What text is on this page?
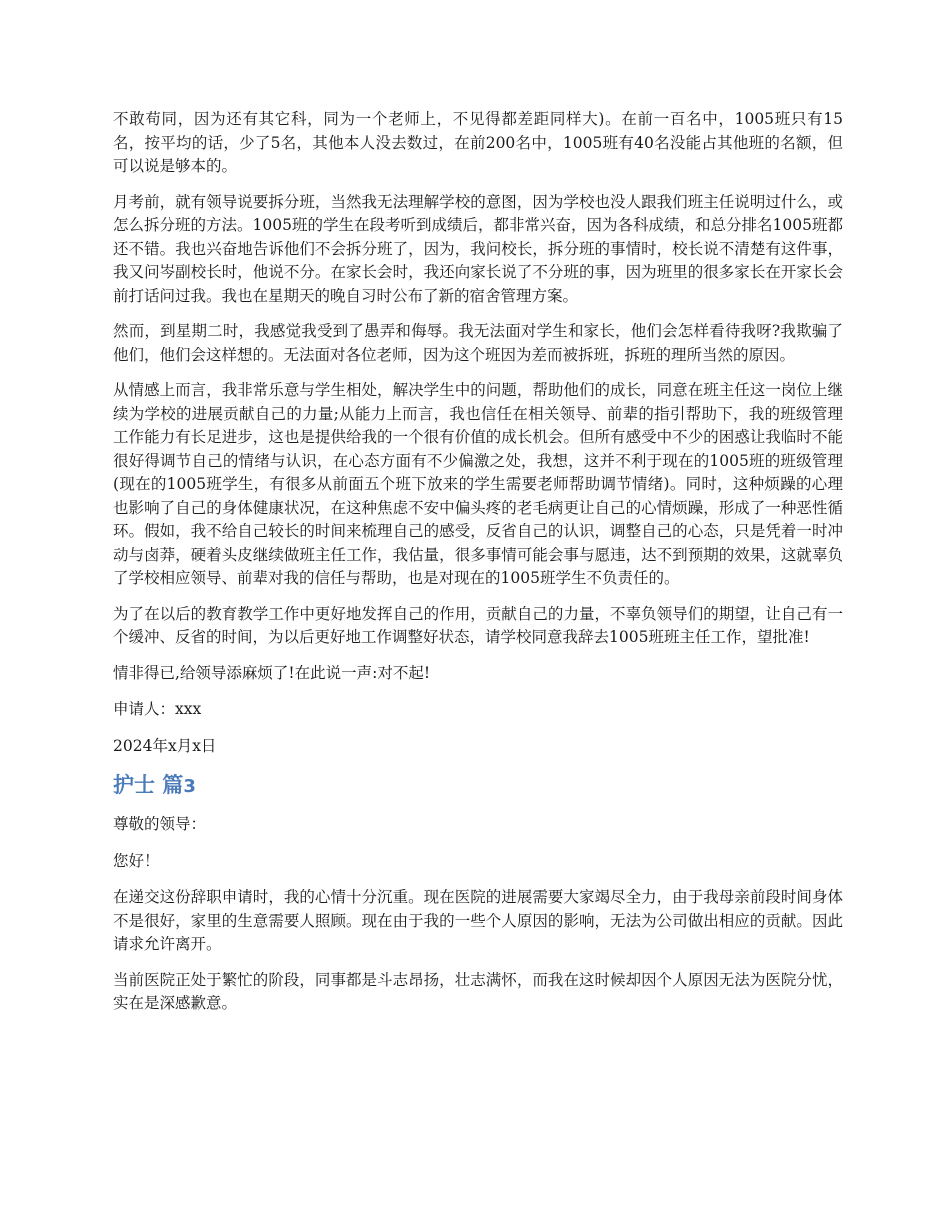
不敢苟同，因为还有其它科，同为一个老师上，不见得都差距同样大)。在前一百名中，1005班只有15名，按平均的话，少了5名，其他本人没去数过，在前200名中，1005班有40名没能占其他班的名额，但可以说是够本的。

月考前，就有领导说要拆分班，当然我无法理解学校的意图，因为学校也没人跟我们班主任说明过什么，或怎么拆分班的方法。1005班的学生在段考听到成绩后，都非常兴奋，因为各科成绩，和总分排名1005班都还不错。我也兴奋地告诉他们不会拆分班了，因为，我问校长，拆分班的事情时，校长说不清楚有这件事，我又问岑副校长时，他说不分。在家长会时，我还向家长说了不分班的事，因为班里的很多家长在开家长会前打话问过我。我也在星期天的晚自习时公布了新的宿舍管理方案。

然而，到星期二时，我感觉我受到了愚弄和侮辱。我无法面对学生和家长，他们会怎样看待我呀?我欺骗了他们，他们会这样想的。无法面对各位老师，因为这个班因为差而被拆班，拆班的理所当然的原因。

从情感上而言，我非常乐意与学生相处，解决学生中的问题，帮助他们的成长，同意在班主任这一岗位上继续为学校的进展贡献自己的力量;从能力上而言，我也信任在相关领导、前辈的指引帮助下，我的班级管理工作能力有长足进步，这也是提供给我的一个很有价值的成长机会。但所有感受中不少的困惑让我临时不能很好得调节自己的情绪与认识，在心态方面有不少偏激之处，我想，这并不利于现在的1005班的班级管理(现在的1005班学生，有很多从前面五个班下放来的学生需要老师帮助调节情绪)。同时，这种烦躁的心理也影响了自己的身体健康状况，在这种焦虑不安中偏头疼的老毛病更让自己的心情烦躁，形成了一种恶性循环。假如，我不给自己较长的时间来梳理自己的感受，反省自己的认识，调整自己的心态，只是凭着一时冲动与卤莽，硬着头皮继续做班主任工作，我估量，很多事情可能会事与愿违，达不到预期的效果，这就辜负了学校相应领导、前辈对我的信任与帮助，也是对现在的1005班学生不负责任的。

为了在以后的教育教学工作中更好地发挥自己的作用，贡献自己的力量，不辜负领导们的期望，让自己有一个缓冲、反省的时间，为以后更好地工作调整好状态，请学校同意我辞去1005班班主任工作，望批准!

情非得已,给领导添麻烦了!在此说一声:对不起!

申请人：xxx

2024年x月x日

护士 篇3

尊敬的领导：

您好！

在递交这份辞职申请时，我的心情十分沉重。现在医院的进展需要大家竭尽全力，由于我母亲前段时间身体不是很好，家里的生意需要人照顾。现在由于我的一些个人原因的影响，无法为公司做出相应的贡献。因此请求允许离开。

当前医院正处于繁忙的阶段，同事都是斗志昂扬，壮志满怀，而我在这时候却因个人原因无法为医院分忧，实在是深感歉意。
